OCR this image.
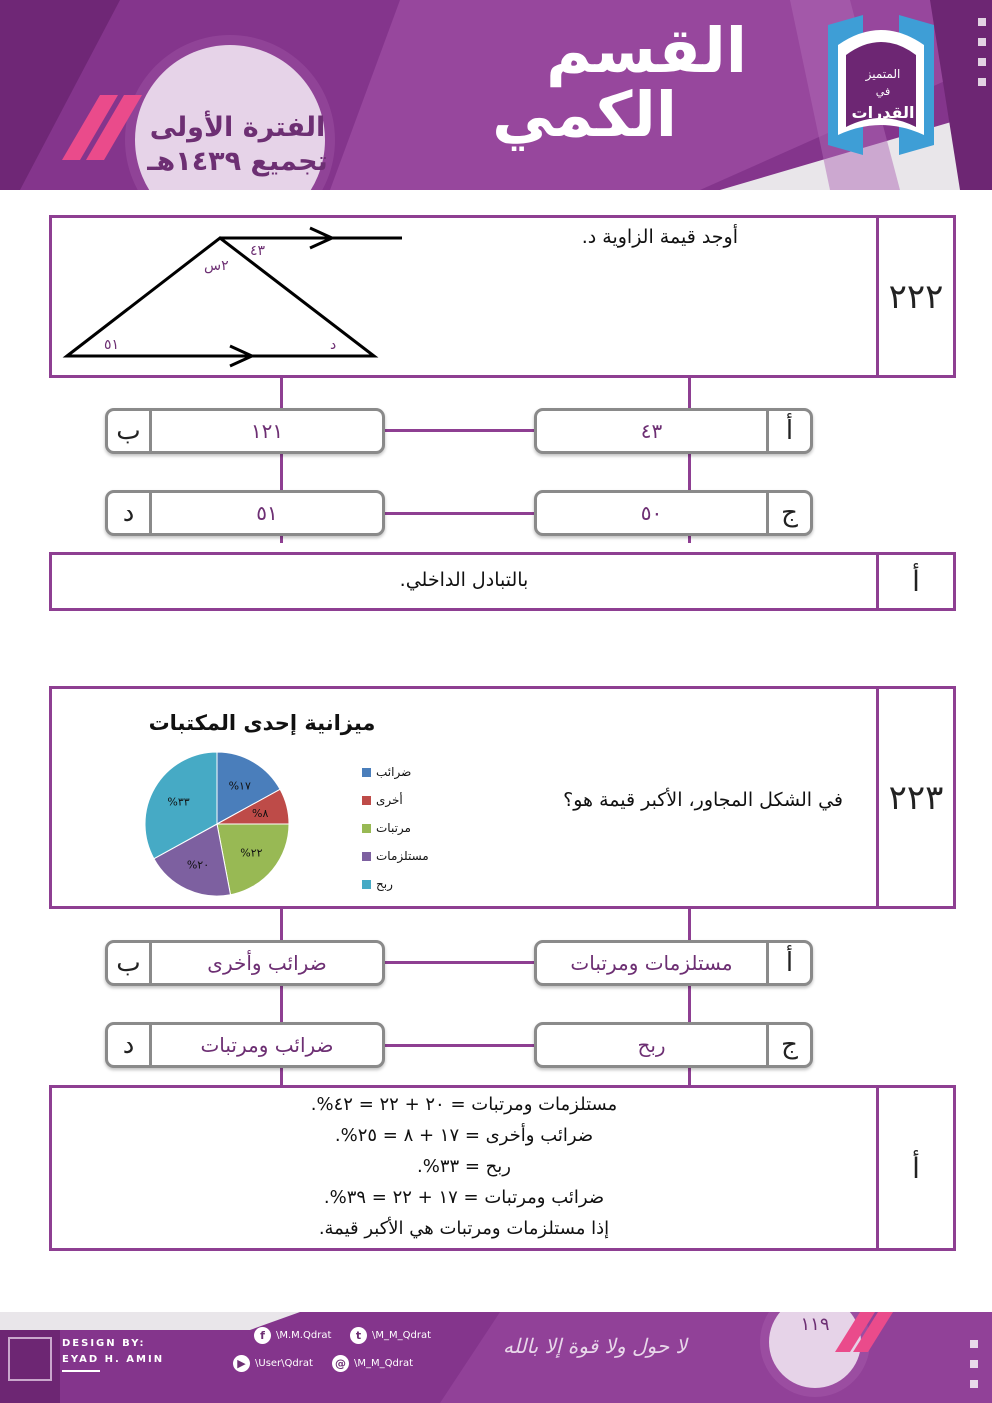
المتميز
في
القدرات
القسم
الكمي
الفترة الأولى
تجميع ١٤٣٩هـ
٢٢٢
أوجد قيمة الزاوية د.
٤٣
٢س
٥١	د
أ
٤٣
ب	١٢١
ج
٥٠
د	٥١
أ
بالتبادل الداخلي.
٢٢٣
في الشكل المجاور، الأكبر قيمة هو؟
ميزانية إحدى المكتبات
%١٧
%٨
%٢٢
%٢٠
%٣٣
ضرائب
أخرى
مرتبات
مستلزمات
ربح
أ
مستلزمات ومرتبات
ب	ضرائب وأخرى
ج
ربح
د	ضرائب ومرتبات
أ
مستلزمات ومرتبات = ٢٠ + ٢٢ = ٤٢%.
ضرائب وأخرى = ١٧ + ٨ = ٢٥%.
ربح = ٣٣%.
ضرائب ومرتبات = ١٧ + ٢٢ = ٣٩%.
إذا مستلزمات ومرتبات هي الأكبر قيمة.
DESIGN BY:
EYAD H. AMIN
f	\M.M.Qdrat	t	\M_M_Qdrat
▶ \User\Qdrat @ \M_M_Qdrat
لا حول ولا قوة إلا بالله
١١٩
